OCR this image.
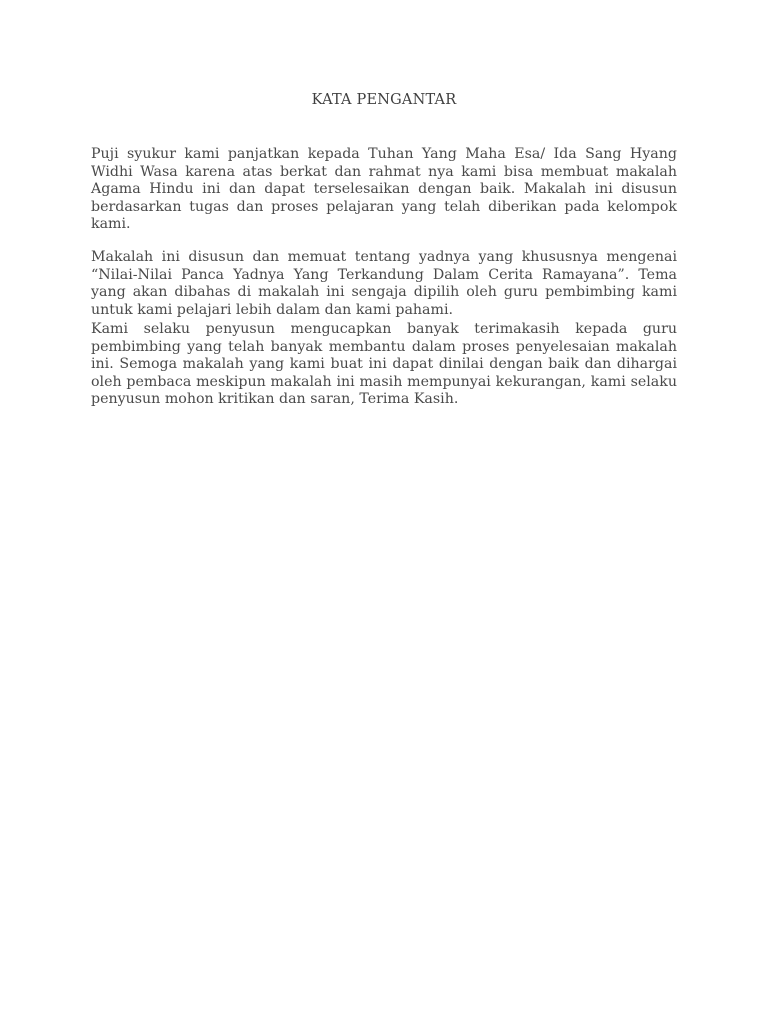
KATA PENGANTAR

Puji syukur kami panjatkan kepada Tuhan Yang Maha Esa/ Ida Sang Hyang Widhi Wasa karena atas berkat dan rahmat nya kami bisa membuat makalah Agama Hindu ini dan dapat terselesaikan dengan baik. Makalah ini disusun berdasarkan tugas dan proses pelajaran yang telah diberikan pada kelompok kami.

Makalah ini disusun dan memuat tentang yadnya yang khususnya mengenai “Nilai-Nilai Panca Yadnya Yang Terkandung Dalam Cerita Ramayana”. Tema yang akan dibahas di makalah ini sengaja dipilih oleh guru pembimbing kami untuk kami pelajari lebih dalam dan kami pahami.

Kami selaku penyusun mengucapkan banyak terimakasih kepada guru pembimbing yang telah banyak membantu dalam proses penyelesaian makalah ini. Semoga makalah yang kami buat ini dapat dinilai dengan baik dan dihargai oleh pembaca meskipun makalah ini masih mempunyai kekurangan, kami selaku penyusun mohon kritikan dan saran, Terima Kasih.
